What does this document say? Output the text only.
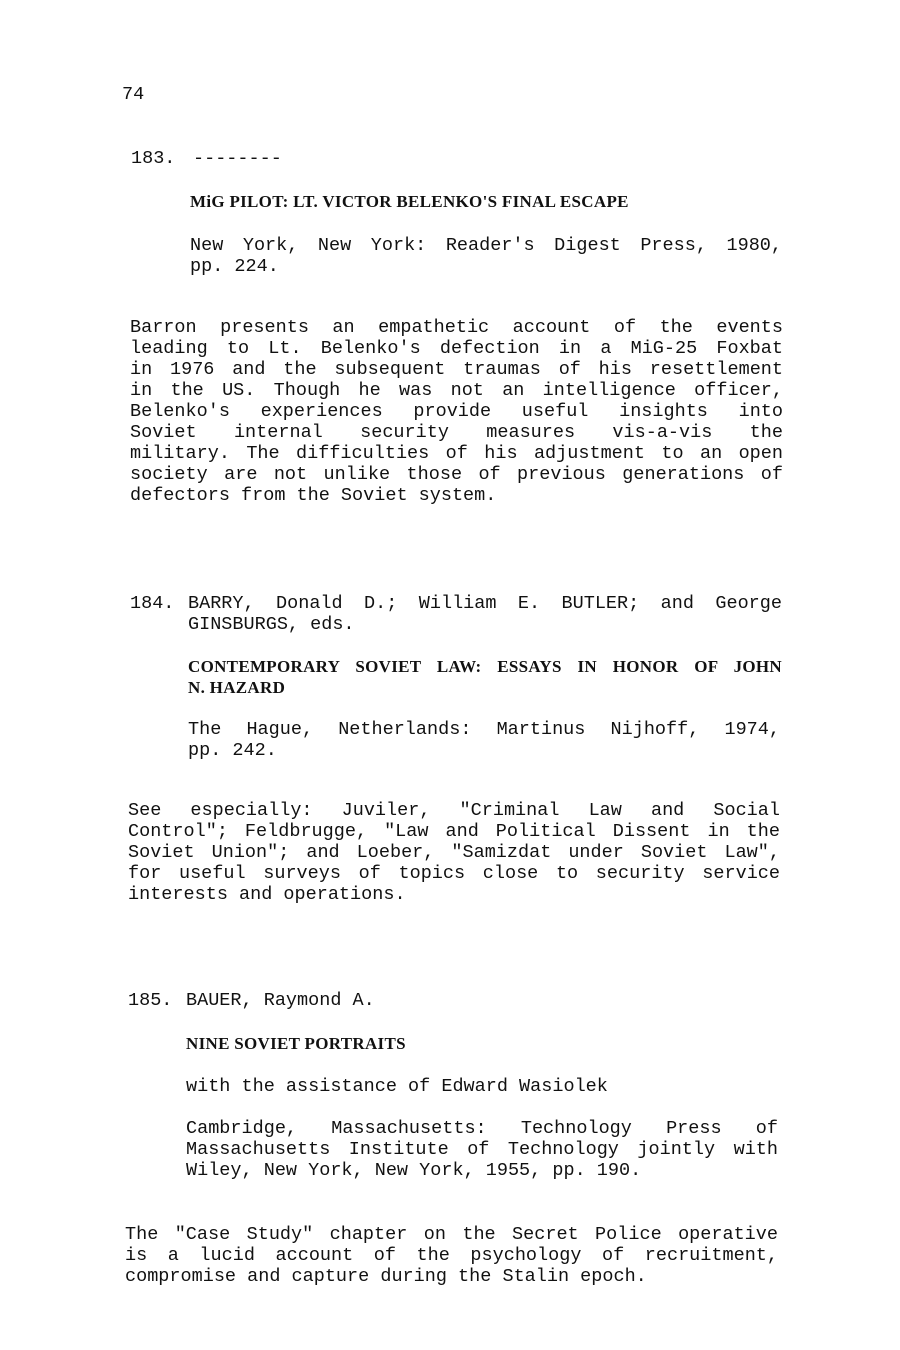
74
183. --------
MiG PILOT: LT. VICTOR BELENKO'S FINAL ESCAPE
New York, New York: Reader's Digest Press, 1980,
pp. 224.
Barron presents an empathetic account of the events
leading to Lt. Belenko's defection in a MiG-25 Foxbat
in 1976 and the subsequent traumas of his resettlement
in the US. Though he was not an intelligence officer,
Belenko's experiences provide useful insights into
Soviet internal security measures vis-a-vis the
military. The difficulties of his adjustment to an open
society are not unlike those of previous generations of
defectors from the Soviet system.
184. BARRY, Donald D.; William E. BUTLER; and George
GINSBURGS, eds.
CONTEMPORARY SOVIET LAW: ESSAYS IN HONOR OF JOHN
N. HAZARD
The Hague, Netherlands: Martinus Nijhoff, 1974,
pp. 242.
See especially: Juviler, "Criminal Law and Social
Control"; Feldbrugge, "Law and Political Dissent in the
Soviet Union"; and Loeber, "Samizdat under Soviet Law",
for useful surveys of topics close to security service
interests and operations.
185. BAUER, Raymond A.
NINE SOVIET PORTRAITS
with the assistance of Edward Wasiolek
Cambridge, Massachusetts: Technology Press of
Massachusetts Institute of Technology jointly with
Wiley, New York, New York, 1955, pp. 190.
The "Case Study" chapter on the Secret Police operative
is a lucid account of the psychology of recruitment,
compromise and capture during the Stalin epoch.
